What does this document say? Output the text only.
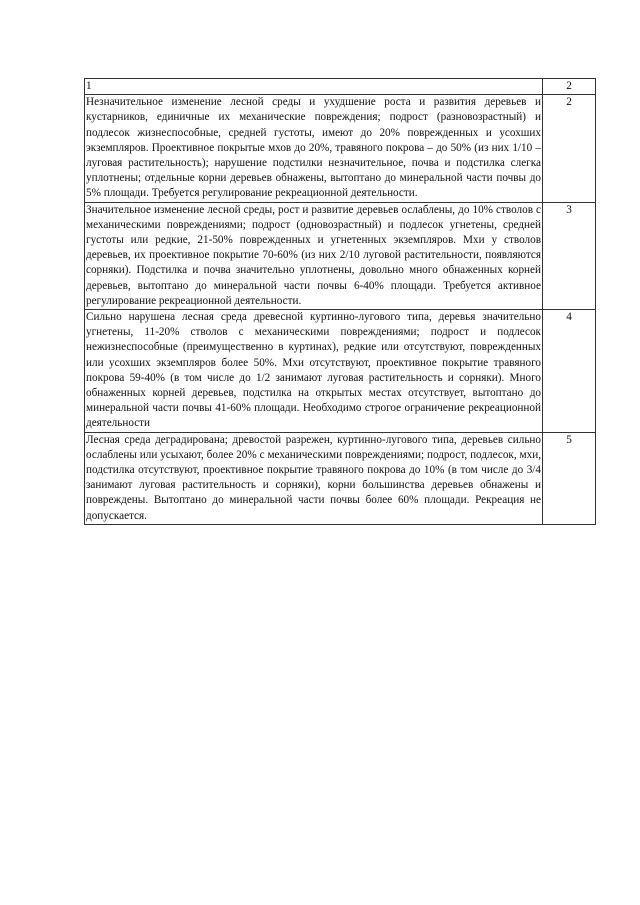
1	2
Незначительное изменение лесной среды и ухудшение роста и развития деревьев и кустарников, единичные их механические повреждения; подрост (разновозрастный) и подлесок жизнеспособные, средней густоты, имеют до 20% поврежденных и усохших экземпляров. Проективное покрытые мхов до 20%, травяного покрова – до 50% (из них 1/10 – луговая растительность); нарушение подстилки незначительное, почва и подстилка слегка уплотнены; отдельные корни деревьев обнажены, вытоптано до минеральной части почвы до 5% площади. Требуется регулирование рекреационной деятельности.	2
Значительное изменение лесной среды, рост и развитие деревьев ослаблены, до 10% стволов с механическими повреждениями; подрост (одновозрастный) и подлесок угнетены, средней густоты или редкие, 21-50% поврежденных и угнетенных экземпляров. Мхи у стволов деревьев, их проективное покрытие 70-60% (из них 2/10 луговой растительности, появляются сорняки). Подстилка и почва значительно уплотнены, довольно много обнаженных корней деревьев, вытоптано до минеральной части почвы 6-40% площади. Требуется активное регулирование рекреационной деятельности.	3
Сильно нарушена лесная среда древесной куртинно-лугового типа, деревья значительно угнетены, 11-20% стволов с механическими повреждениями; подрост и подлесок нежизнеспособные (преимущественно в куртинах), редкие или отсутствуют, поврежденных или усохших экземпляров более 50%. Мхи отсутствуют, проективное покрытие травяного покрова 59-40% (в том числе до 1/2 занимают луговая растительность и сорняки). Много обнаженных корней деревьев, подстилка на открытых местах отсутствует, вытоптано до минеральной части почвы 41-60% площади. Необходимо строгое ограничение рекреационной деятельности	4
Лесная среда деградирована; древостой разрежен, куртинно-лугового типа, деревьев сильно ослаблены или усыхают, более 20% с механическими повреждениями; подрост, подлесок, мхи, подстилка отсутствуют, проективное покрытие травяного покрова до 10% (в том числе до 3/4 занимают луговая растительность и сорняки), корни большинства деревьев обнажены и повреждены. Вытоптано до минеральной части почвы более 60% площади. Рекреация не допускается.	5
